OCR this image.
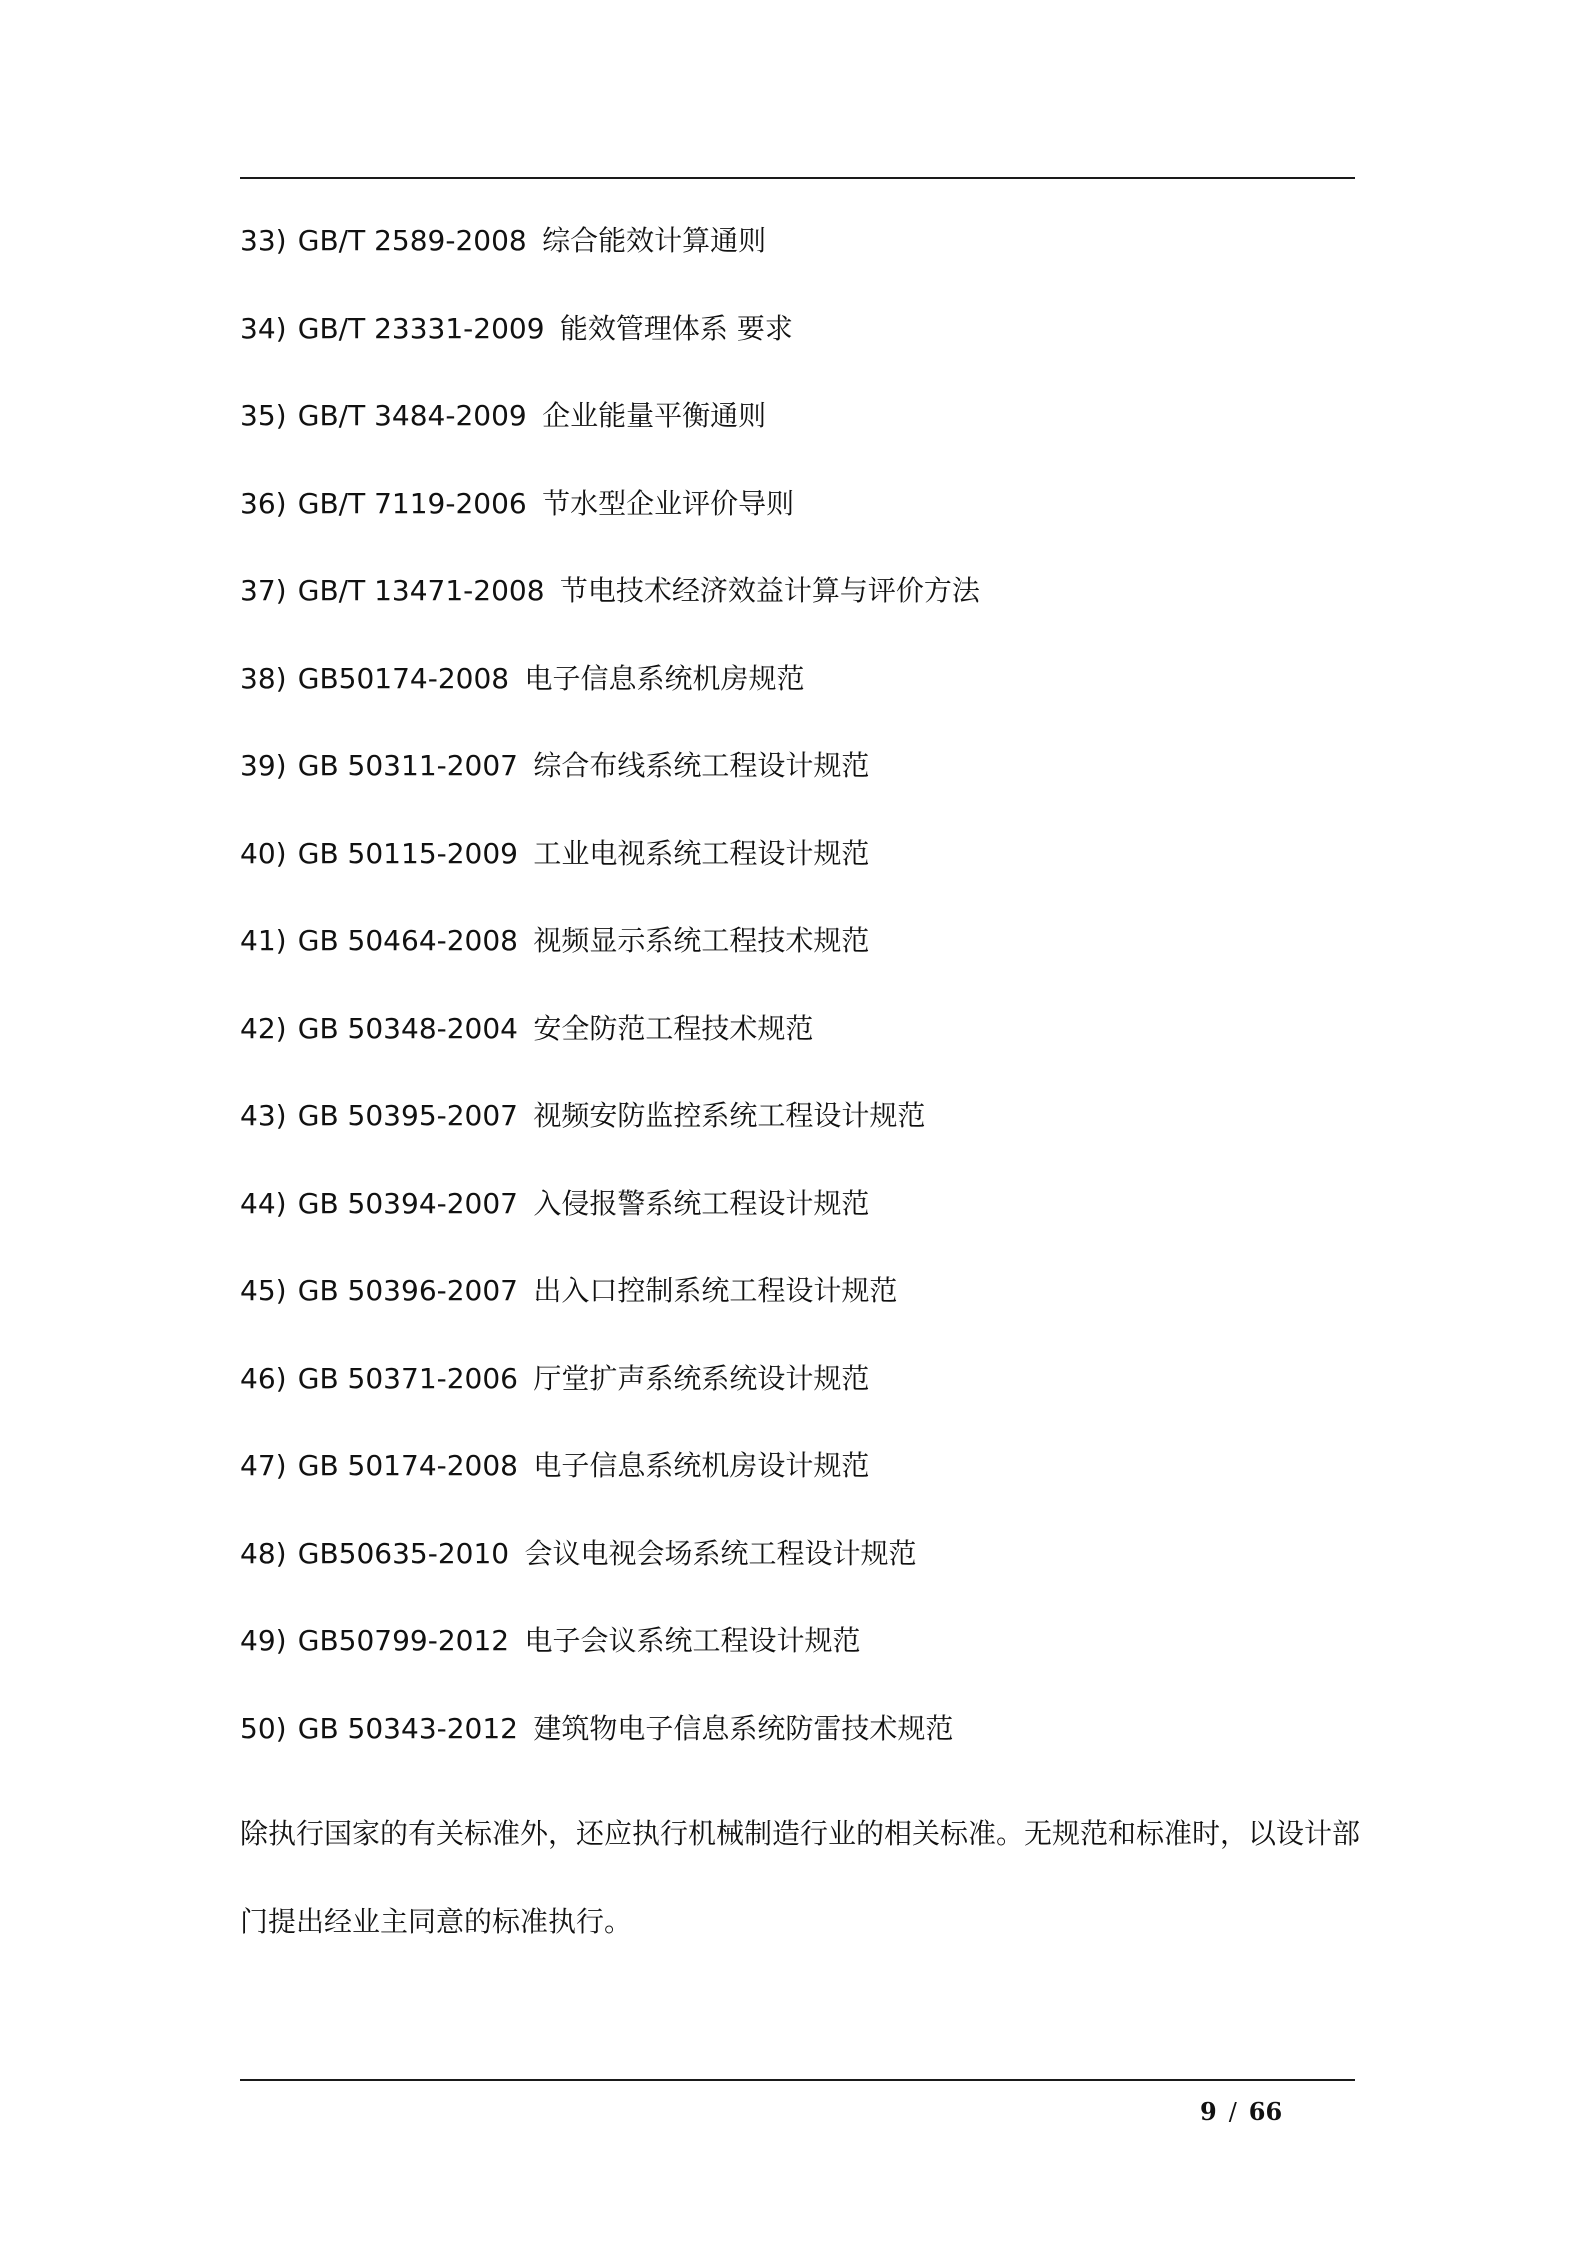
33) GB/T 2589-2008 综合能效计算通则
34) GB/T 23331-2009 能效管理体系 要求
35) GB/T 3484-2009 企业能量平衡通则
36) GB/T 7119-2006 节水型企业评价导则
37) GB/T 13471-2008 节电技术经济效益计算与评价方法
38) GB50174-2008 电子信息系统机房规范
39) GB 50311-2007 综合布线系统工程设计规范
40) GB 50115-2009 工业电视系统工程设计规范
41) GB 50464-2008 视频显示系统工程技术规范
42) GB 50348-2004 安全防范工程技术规范
43) GB 50395-2007 视频安防监控系统工程设计规范
44) GB 50394-2007 入侵报警系统工程设计规范
45) GB 50396-2007 出入口控制系统工程设计规范
46) GB 50371-2006 厅堂扩声系统系统设计规范
47) GB 50174-2008 电子信息系统机房设计规范
48) GB50635-2010 会议电视会场系统工程设计规范
49) GB50799-2012 电子会议系统工程设计规范
50) GB 50343-2012 建筑物电子信息系统防雷技术规范

除执行国家的有关标准外，还应执行机械制造行业的相关标准。无规范和标准时，以设计部
门提出经业主同意的标准执行。

9 / 66
